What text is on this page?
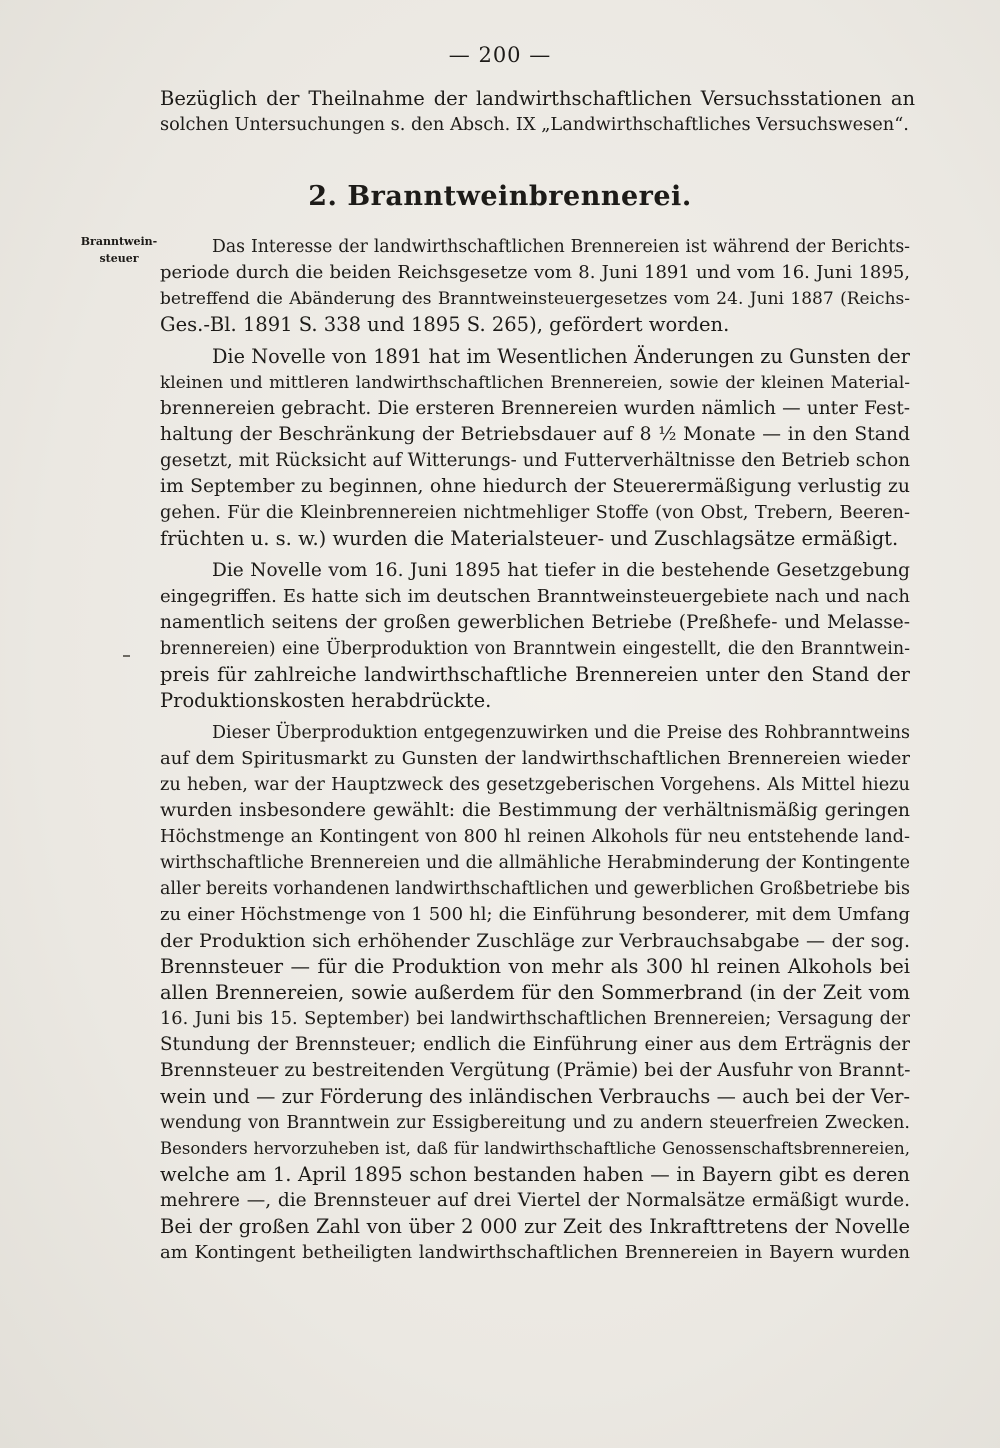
— 200 —
Bezüglich der Theilnahme der landwirthschaftlichen Versuchsstationen an
solchen Untersuchungen s. den Absch. IX „Landwirthschaftliches Versuchswesen“.
2. Branntweinbrennerei.
Branntwein-
steuer
Das Interesse der landwirthschaftlichen Brennereien ist während der Berichts-
periode durch die beiden Reichsgesetze vom 8. Juni 1891 und vom 16. Juni 1895,
betreffend die Abänderung des Branntweinsteuergesetzes vom 24. Juni 1887 (Reichs-
Ges.-Bl. 1891 S. 338 und 1895 S. 265), gefördert worden.
Die Novelle von 1891 hat im Wesentlichen Änderungen zu Gunsten der
kleinen und mittleren landwirthschaftlichen Brennereien, sowie der kleinen Material-
brennereien gebracht. Die ersteren Brennereien wurden nämlich — unter Fest-
haltung der Beschränkung der Betriebsdauer auf 8 ½ Monate — in den Stand
gesetzt, mit Rücksicht auf Witterungs- und Futterverhältnisse den Betrieb schon
im September zu beginnen, ohne hiedurch der Steuerermäßigung verlustig zu
gehen. Für die Kleinbrennereien nichtmehliger Stoffe (von Obst, Trebern, Beeren-
früchten u. s. w.) wurden die Materialsteuer- und Zuschlagsätze ermäßigt.
Die Novelle vom 16. Juni 1895 hat tiefer in die bestehende Gesetzgebung
eingegriffen. Es hatte sich im deutschen Branntweinsteuergebiete nach und nach
namentlich seitens der großen gewerblichen Betriebe (Preßhefe- und Melasse-
brennereien) eine Überproduktion von Branntwein eingestellt, die den Branntwein-
preis für zahlreiche landwirthschaftliche Brennereien unter den Stand der
Produktionskosten herabdrückte.
Dieser Überproduktion entgegenzuwirken und die Preise des Rohbranntweins
auf dem Spiritusmarkt zu Gunsten der landwirthschaftlichen Brennereien wieder
zu heben, war der Hauptzweck des gesetzgeberischen Vorgehens. Als Mittel hiezu
wurden insbesondere gewählt: die Bestimmung der verhältnismäßig geringen
Höchstmenge an Kontingent von 800 hl reinen Alkohols für neu entstehende land-
wirthschaftliche Brennereien und die allmähliche Herabminderung der Kontingente
aller bereits vorhandenen landwirthschaftlichen und gewerblichen Großbetriebe bis
zu einer Höchstmenge von 1 500 hl; die Einführung besonderer, mit dem Umfang
der Produktion sich erhöhender Zuschläge zur Verbrauchsabgabe — der sog.
Brennsteuer — für die Produktion von mehr als 300 hl reinen Alkohols bei
allen Brennereien, sowie außerdem für den Sommerbrand (in der Zeit vom
16. Juni bis 15. September) bei landwirthschaftlichen Brennereien; Versagung der
Stundung der Brennsteuer; endlich die Einführung einer aus dem Erträgnis der
Brennsteuer zu bestreitenden Vergütung (Prämie) bei der Ausfuhr von Brannt-
wein und — zur Förderung des inländischen Verbrauchs — auch bei der Ver-
wendung von Branntwein zur Essigbereitung und zu andern steuerfreien Zwecken.
Besonders hervorzuheben ist, daß für landwirthschaftliche Genossenschaftsbrennereien,
welche am 1. April 1895 schon bestanden haben — in Bayern gibt es deren
mehrere —, die Brennsteuer auf drei Viertel der Normalsätze ermäßigt wurde.
Bei der großen Zahl von über 2 000 zur Zeit des Inkrafttretens der Novelle
am Kontingent betheiligten landwirthschaftlichen Brennereien in Bayern wurden
